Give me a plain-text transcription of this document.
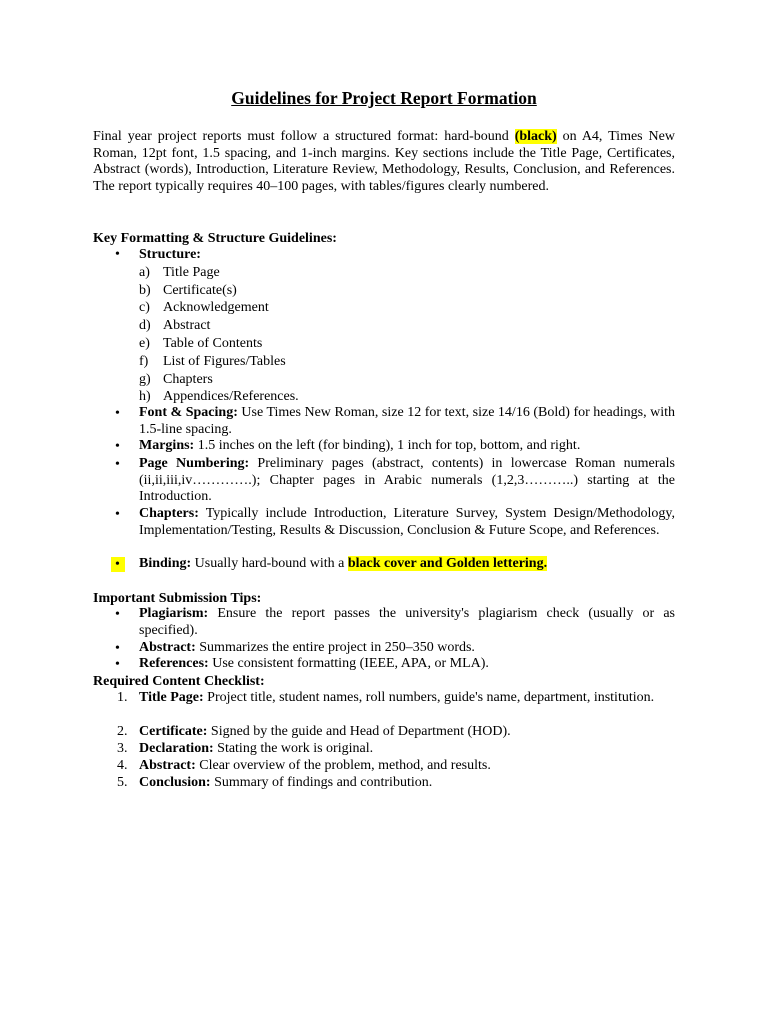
Guidelines for Project Report Formation

Final year project reports must follow a structured format: hard-bound (black) on A4, Times New Roman, 12pt font, 1.5 spacing, and 1-inch margins. Key sections include the Title Page, Certificates, Abstract (words), Introduction, Literature Review, Methodology, Results, Conclusion, and References. The report typically requires 40–100 pages, with tables/figures clearly numbered.

Key Formatting & Structure Guidelines:
• Structure:
a) Title Page
b) Certificate(s)
c) Acknowledgement
d) Abstract
e) Table of Contents
f) List of Figures/Tables
g) Chapters
h) Appendices/References.
• Font & Spacing: Use Times New Roman, size 12 for text, size 14/16 (Bold) for headings, with 1.5-line spacing.

• Margins: 1.5 inches on the left (for binding), 1 inch for top, bottom, and right.

• Page Numbering: Preliminary pages (abstract, contents) in lowercase Roman numerals (ii,ii,iii,iv………….); Chapter pages in Arabic numerals (1,2,3………..) starting at the Introduction.

• Chapters: Typically include Introduction, Literature Survey, System Design/Methodology, Implementation/Testing, Results & Discussion, Conclusion & Future Scope, and References.

•	Binding: Usually hard-bound with a black cover and Golden lettering.

Important Submission Tips:
• Plagiarism: Ensure the report passes the university's plagiarism check (usually or as specified).

• Abstract: Summarizes the entire project in 250–350 words.

• References: Use consistent formatting (IEEE, APA, or MLA).

Required Content Checklist:
1. Title Page: Project title, student names, roll numbers, guide's name, department, institution.

2. Certificate: Signed by the guide and Head of Department (HOD).

3. Declaration: Stating the work is original.

4. Abstract: Clear overview of the problem, method, and results.

5. Conclusion: Summary of findings and contribution.
